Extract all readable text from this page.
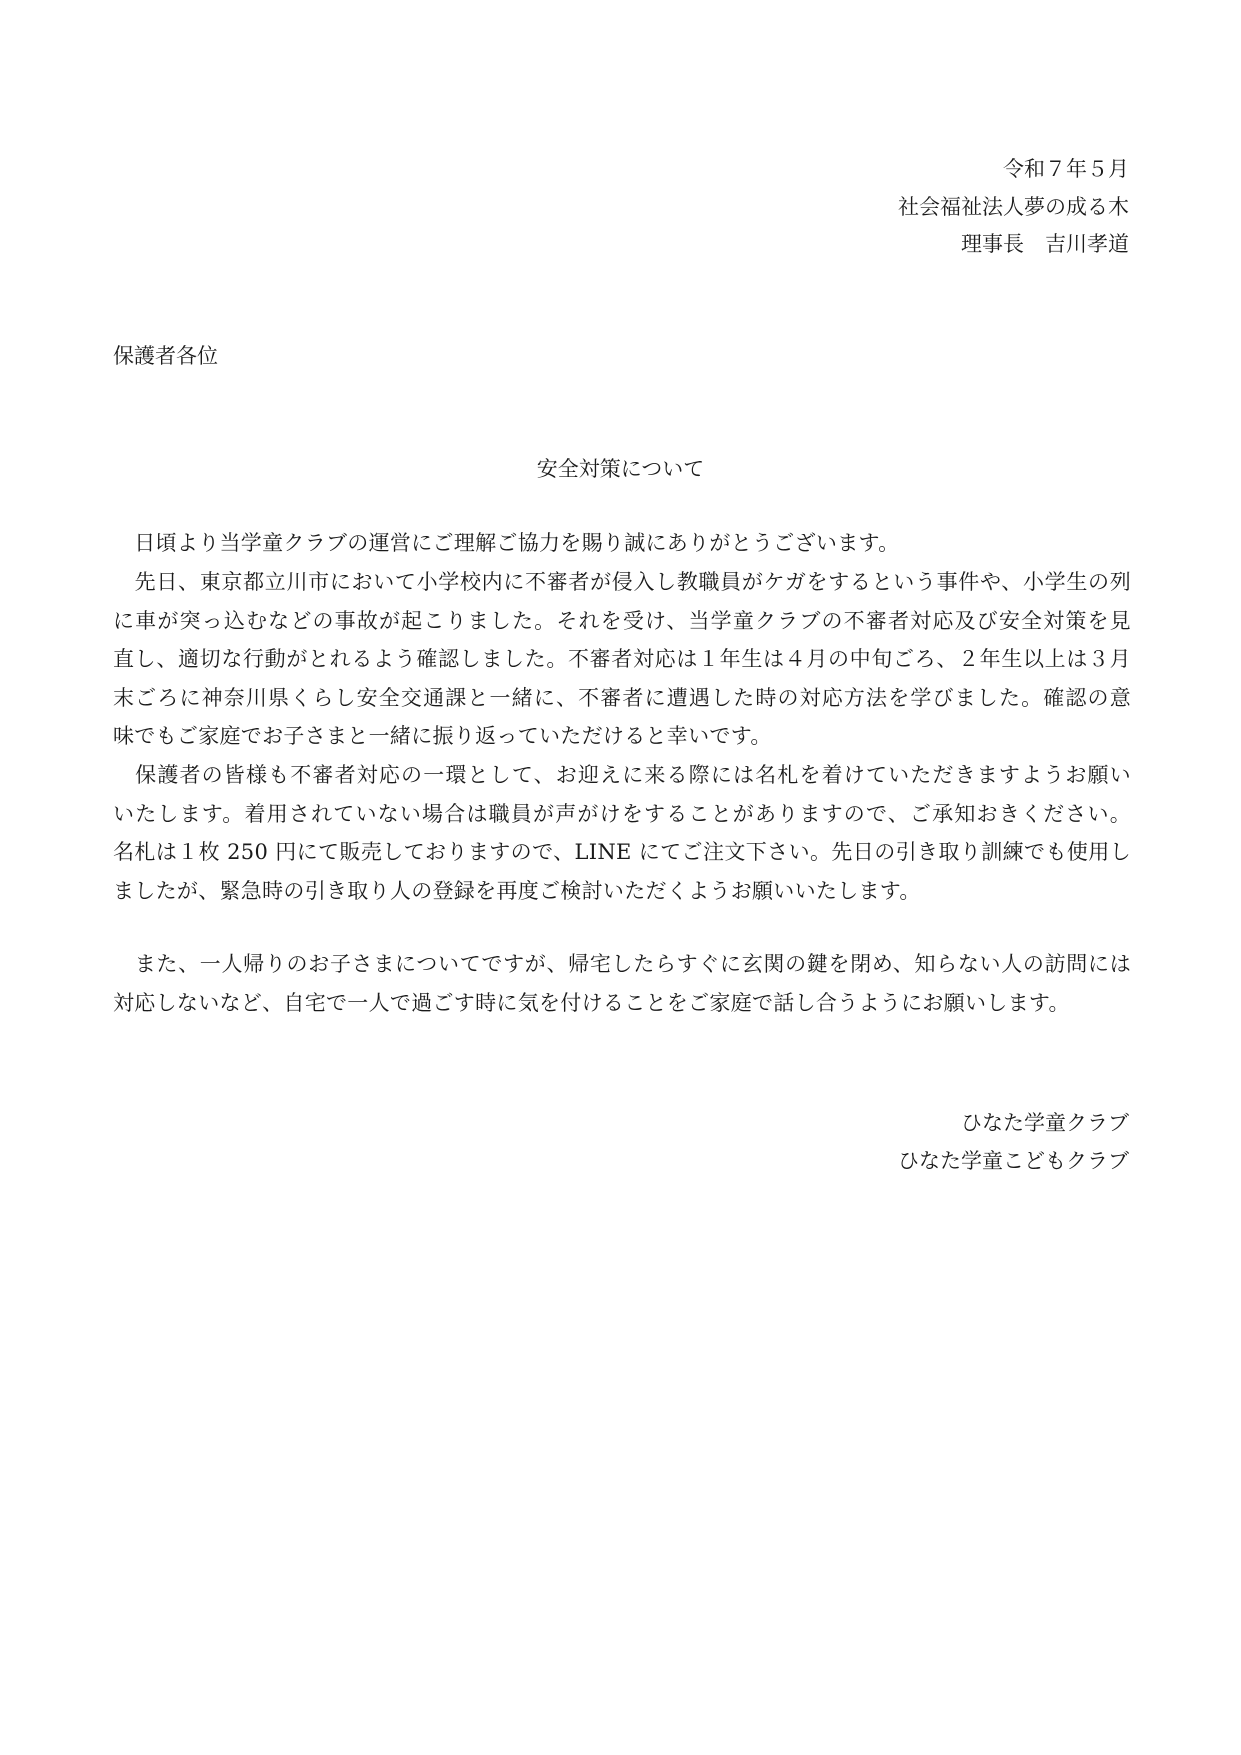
令和７年５月

社会福祉法人夢の成る木

理事長　吉川孝道

保護者各位

安全対策について

　日頃より当学童クラブの運営にご理解ご協力を賜り誠にありがとうございます。
　先日、東京都立川市において小学校内に不審者が侵入し教職員がケガをするという事件や、小学生の列
に車が突っ込むなどの事故が起こりました。それを受け、当学童クラブの不審者対応及び安全対策を見
直し、適切な行動がとれるよう確認しました。不審者対応は１年生は４月の中旬ごろ、２年生以上は３月
末ごろに神奈川県くらし安全交通課と一緒に、不審者に遭遇した時の対応方法を学びました。確認の意
味でもご家庭でお子さまと一緒に振り返っていただけると幸いです。
　保護者の皆様も不審者対応の一環として、お迎えに来る際には名札を着けていただきますようお願い
いたします。着用されていない場合は職員が声がけをすることがありますので、ご承知おきください。
名札は１枚 250 円にて販売しておりますので、LINE にてご注文下さい。先日の引き取り訓練でも使用し
ましたが、緊急時の引き取り人の登録を再度ご検討いただくようお願いいたします。
　また、一人帰りのお子さまについてですが、帰宅したらすぐに玄関の鍵を閉め、知らない人の訪問には
対応しないなど、自宅で一人で過ごす時に気を付けることをご家庭で話し合うようにお願いします。

ひなた学童クラブ

ひなた学童こどもクラブ
